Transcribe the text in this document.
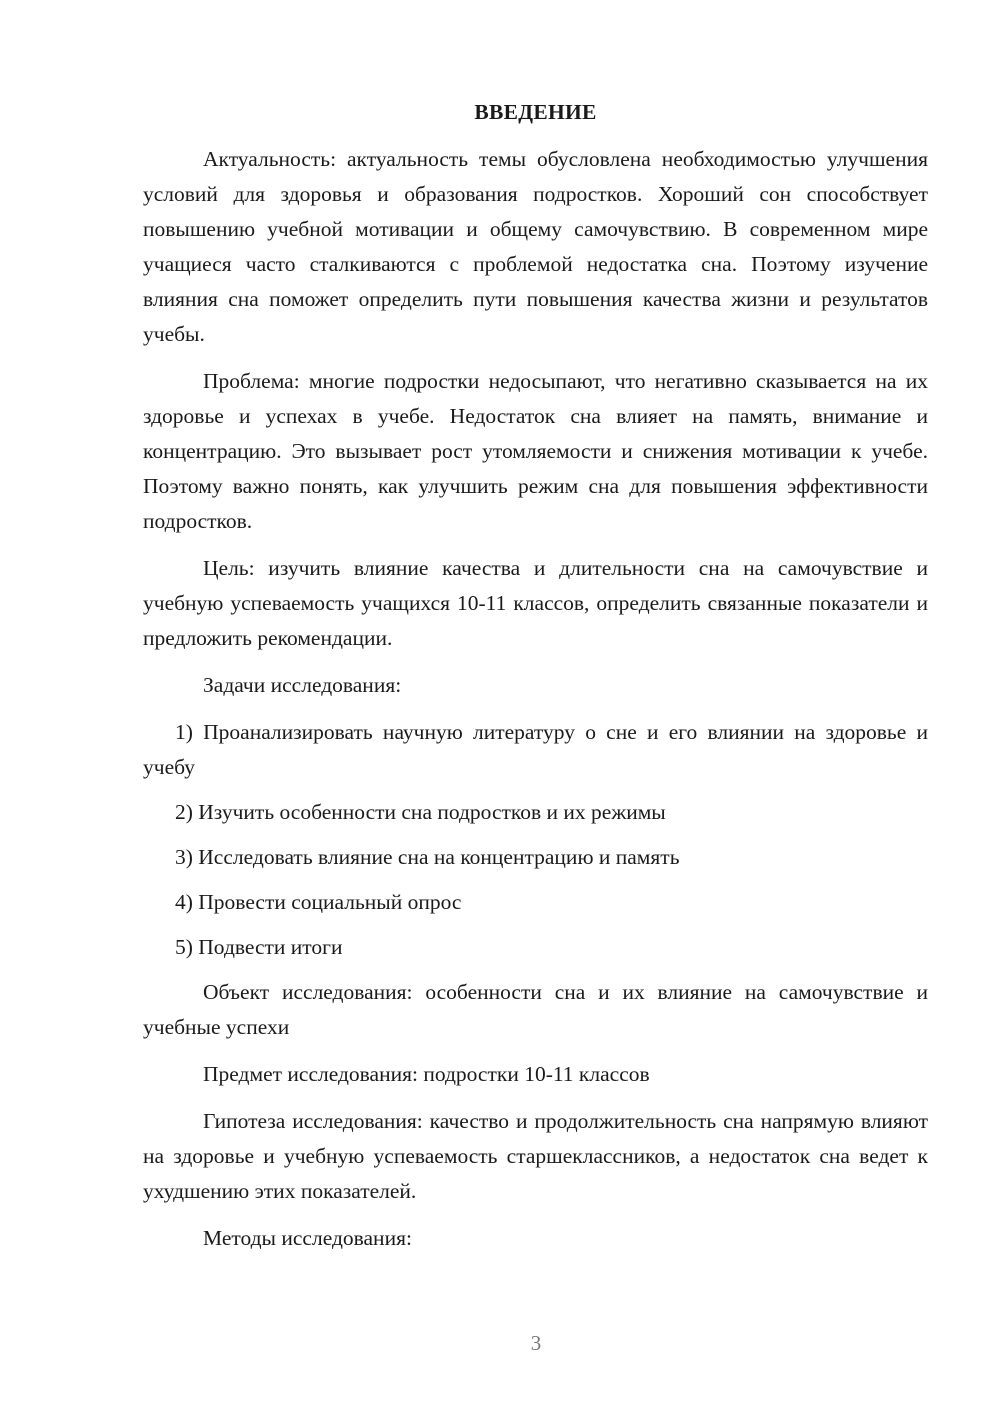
ВВЕДЕНИЕ

Актуальность: актуальность темы обусловлена необходимостью улучшения условий для здоровья и образования подростков. Хороший сон способствует повышению учебной мотивации и общему самочувствию. В современном мире учащиеся часто сталкиваются с проблемой недостатка сна. Поэтому изучение влияния сна поможет определить пути повышения качества жизни и результатов учебы.

Проблема: многие подростки недосыпают, что негативно сказывается на их здоровье и успехах в учебе. Недостаток сна влияет на память, внимание и концентрацию. Это вызывает рост утомляемости и снижения мотивации к учебе. Поэтому важно понять, как улучшить режим сна для повышения эффективности подростков.

Цель: изучить влияние качества и длительности сна на самочувствие и учебную успеваемость учащихся 10-11 классов, определить связанные показатели и предложить рекомендации.

Задачи исследования:

1) Проанализировать научную литературу о сне и его влиянии на здоровье и учебу

2) Изучить особенности сна подростков и их режимы

3) Исследовать влияние сна на концентрацию и память

4) Провести социальный опрос

5) Подвести итоги

Объект исследования: особенности сна и их влияние на самочувствие и учебные успехи

Предмет исследования: подростки 10-11 классов

Гипотеза исследования: качество и продолжительность сна напрямую влияют на здоровье и учебную успеваемость старшеклассников, а недостаток сна ведет к ухудшению этих показателей.

Методы исследования:

3
